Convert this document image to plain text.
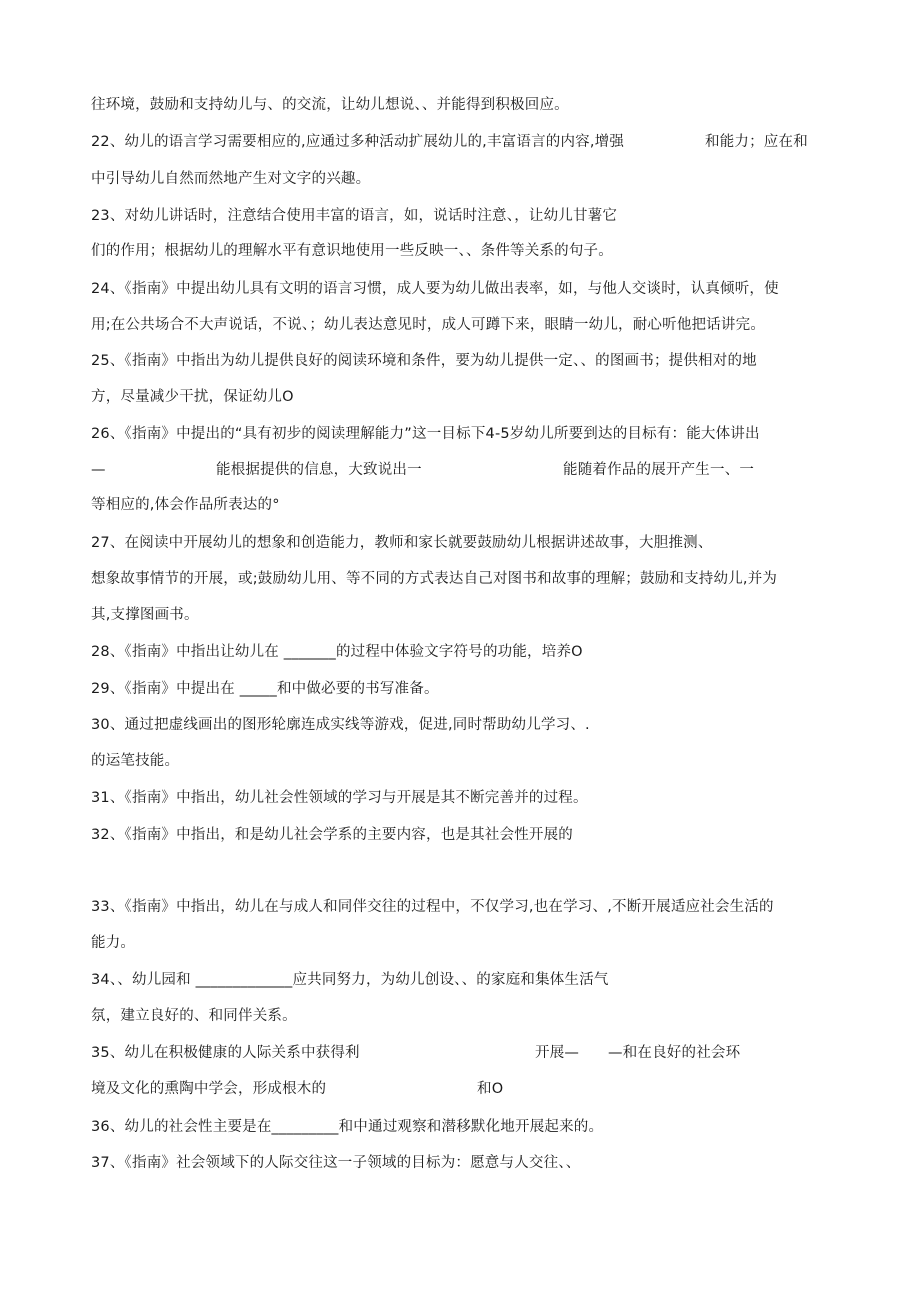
往环境，鼓励和支持幼儿与、的交流，让幼儿想说、、并能得到积极回应。
22、幼儿的语言学习需要相应的,应通过多种活动扩展幼儿的,丰富语言的内容,增强	和能力；应在和
中引导幼儿自然而然地产生对文字的兴趣。
23、对幼儿讲话时，注意结合使用丰富的语言，如，说话时注意、，让幼儿甘薯它
们的作用；根据幼儿的理解水平有意识地使用一些反映一、、条件等关系的句子。
24、《指南》中提出幼儿具有文明的语言习惯，成人要为幼儿做出表率，如，与他人交谈时，认真倾听，使
用;在公共场合不大声说话，不说、；幼儿表达意见时，成人可蹲下来，眼睛一幼儿，耐心听他把话讲完。
25、《指南》中指出为幼儿提供良好的阅读环境和条件，要为幼儿提供一定、、的图画书；提供相对的地
方，尽量减少干扰，保证幼儿O
26、《指南》中提出的“具有初步的阅读理解能力”这一目标下4-5岁幼儿所要到达的目标有：能大体讲出
—	能根据提供的信息，大致说出一	能随着作品的展开产生一、一
等相应的,体会作品所表达的°
27、在阅读中开展幼儿的想象和创造能力，教师和家长就要鼓励幼儿根据讲述故事，大胆推测、
想象故事情节的开展，或;鼓励幼儿用、等不同的方式表达自己对图书和故事的理解；鼓励和支持幼儿,并为
其,支撑图画书。
28、《指南》中指出让幼儿在 _______的过程中体验文字符号的功能，培养O
29、《指南》中提出在 _____和中做必要的书写准备。
30、通过把虚线画出的图形轮廓连成实线等游戏，促进,同时帮助幼儿学习、.
的运笔技能。
31、《指南》中指出，幼儿社会性领域的学习与开展是其不断完善并的过程。
32、《指南》中指出，和是幼儿社会学系的主要内容，也是其社会性开展的
33、《指南》中指出，幼儿在与成人和同伴交往的过程中，不仅学习,也在学习、,不断开展适应社会生活的
能力。
34、、幼儿园和 _____________应共同努力，为幼儿创设、、的家庭和集体生活气
氛，建立良好的、和同伴关系。
35、幼儿在积极健康的人际关系中获得利	开展— —和在良好的社会环
境及文化的熏陶中学会，形成根木的	和O
36、幼儿的社会性主要是在_________和中通过观察和潜移默化地开展起来的。
37、《指南》社会领域下的人际交往这一子领域的目标为：愿意与人交往、、
